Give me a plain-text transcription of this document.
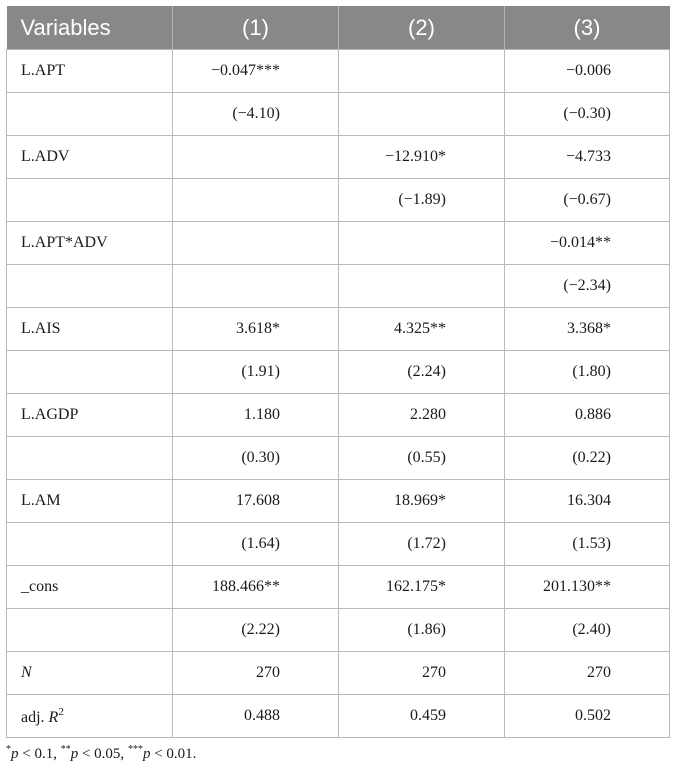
Variables	(1)	(2)	(3)
L.APT	−0.047***		−0.006
	(−4.10)		(−0.30)
L.ADV		−12.910*	−4.733
		(−1.89)	(−0.67)
L.APT*ADV			−0.014**
			(−2.34)
L.AIS	3.618*	4.325**	3.368*
	(1.91)	(2.24)	(1.80)
L.AGDP	1.180	2.280	0.886
	(0.30)	(0.55)	(0.22)
L.AM	17.608	18.969*	16.304
	(1.64)	(1.72)	(1.53)
_cons	188.466**	162.175*	201.130**
	(2.22)	(1.86)	(2.40)
N	270	270	270
adj. $R^2$	0.488	0.459	0.502
*p < 0.1, **p < 0.05, ***p < 0.01.
